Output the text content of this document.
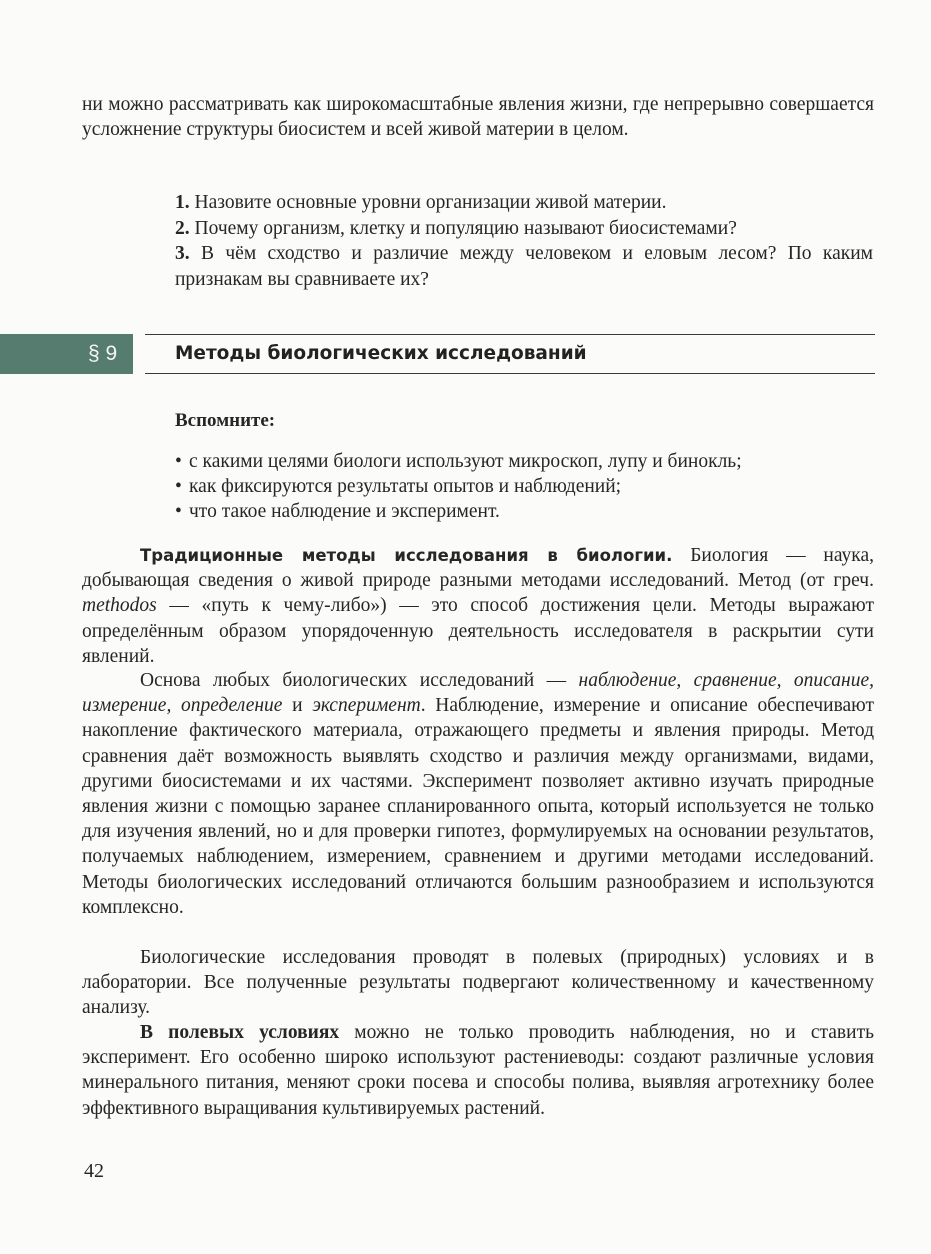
ни можно рассматривать как широкомасштабные явления жизни, где непрерывно совершается усложнение структуры биосистем и всей живой материи в целом.

1. Назовите основные уровни организации живой материи.

2. Почему организм, клетку и популяцию называют биосистемами?

3. В чём сходство и различие между человеком и еловым лесом? По каким признакам вы сравниваете их?

§ 9	Методы биологических исследований

Вспомните:

• с какими целями биологи используют микроскоп, лупу и бинокль;
• как фиксируются результаты опытов и наблюдений;
• что такое наблюдение и эксперимент.

Традиционные методы исследования в биологии. Биология — наука, добывающая сведения о живой природе разными методами исследований. Метод (от греч. methodos — «путь к чему-либо») — это способ достижения цели. Методы выражают определённым образом упорядоченную деятельность исследователя в раскрытии сути явлений.

Основа любых биологических исследований — наблюдение, сравнение, описание, измерение, определение и эксперимент. Наблюдение, измерение и описание обеспечивают накопление фактического материала, отражающего предметы и явления природы. Метод сравнения даёт возможность выявлять сходство и различия между организмами, видами, другими биосистемами и их частями. Эксперимент позволяет активно изучать природные явления жизни с помощью заранее спланированного опыта, который используется не только для изучения явлений, но и для проверки гипотез, формулируемых на основании результатов, получаемых наблюдением, измерением, сравнением и другими методами исследований. Методы биологических исследований отличаются большим разнообразием и используются комплексно.

Биологические исследования проводят в полевых (природных) условиях и в лаборатории. Все полученные результаты подвергают количественному и качественному анализу.

В полевых условиях можно не только проводить наблюдения, но и ставить эксперимент. Его особенно широко используют растениеводы: создают различные условия минерального питания, меняют сроки посева и способы полива, выявляя агротехнику более эффективного выращивания культивируемых растений.

42
